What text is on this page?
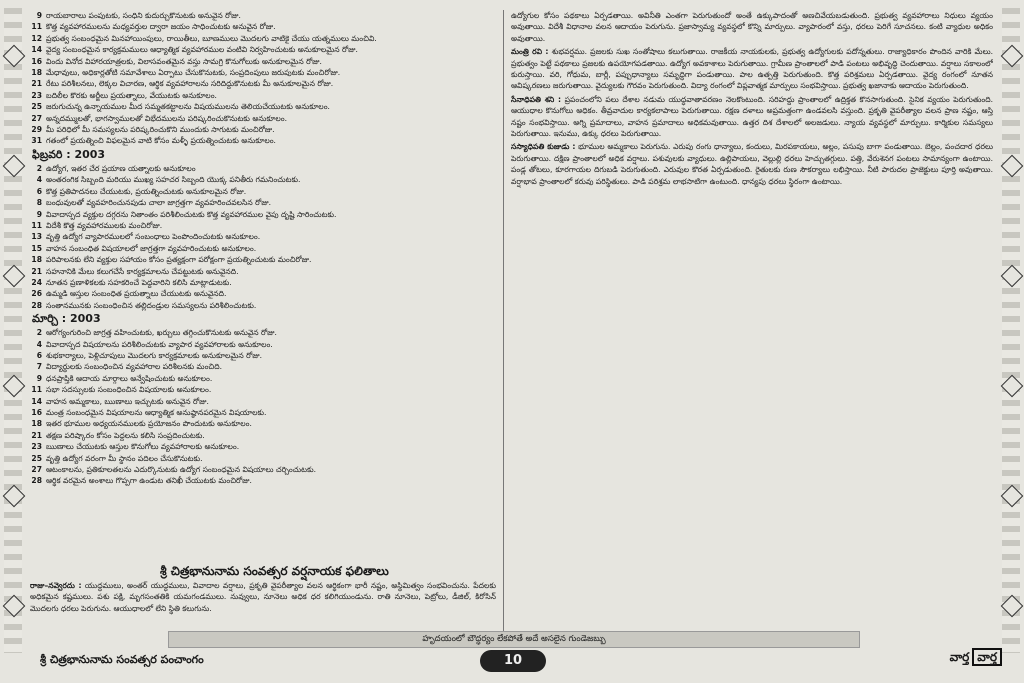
9 రాయబారాలు పంపుటకు, సంధిని కుదుర్చుకొనుటకు అనువైన రోజు.
11 కొత్త వ్యవహారములను మధ్యవర్తుల ద్వారా జయం సాధించుటకు అనువైన రోజు.
12 ప్రభుత్వ సంబంధమైన మినహాయింపులు, రాయితీలు, బూణములు మొదలగు వాటికై చేయు యత్నములు మంచివి.
14 వైద్య సంబంధమైన కార్యక్రమములు ఆధ్యాత్మిక వ్యవహారముల వంటివి నిర్వహించుటకు అనుకూలమైన రోజు.
16 విందు వినోద విహారయాత్రలకు, విలాసవంతమైన వస్తు సామగ్రి కొనుగోలుకు అనుకూలమైన రోజు.
18 మేధావులు, అధికార్లతోటి సమావేశాలు ఏర్పాటు చేసుకొనుటకు, సంప్రదింపులు జరుపుటకు మంచిరోజు.
21 రేటు పరిశీలనలు, లెక్కల విచారణ, ఆర్థిక వ్యవహారాలను సరిదిద్దుకొనుటకు మీ అనుకూలమైన రోజు.
23 బదిలీల కొరకు అర్జీలు ప్రయత్నాలు, వేయుటకు అనుకూలం.
25 జరుగుచున్న ఉన్నాయముల మీద సమ్మతకట్టాలను విషయములను తెలియచేయుటకు అనుకూలం.
27 అన్నదమ్ములతో, భాగస్వాములతో విభేదములను పరిష్కరించుకొనుటకు అనుకూలం.
29 మీ పరిధిలో మీ సమస్యలను పరిష్కరించుకొని ముందుకు సాగుటకు మంచిరోజు.
31 గతంలో ప్రయత్నించి విఫలమైన వాటి కోసం మళ్ళీ ప్రయత్నించుటకు అనుకూలం.
ఫిబ్రవరి : 2003
2 ఉద్యోగ, ఇతర చేర ప్రయాణ యత్నాలకు అనుకూలం
4 అంతరంగిక సిబ్బంది మరియు ముఖ్య సహచర సిబ్బంది యొక్క పనితీరు గమనించుటకు.
6 కొత్త ప్రతిపాదనలు చేయుటకు, ప్రయత్నించుటకు అనుకూలమైన రోజు.
8 బంధువులతో వ్యవహరించునపుడు చాలా జాగ్రత్తగా వ్యవహరించవలసిన రోజు.
9 వివాదాస్పద వ్యక్తుల దగ్గరను నితాంతం పరిశీలించుటకు కొత్త వ్యవహారముల వైపు దృష్టి సారించుటకు.
11 విదేశీ కొత్త వ్యవహారములకు మంచిరోజు.
13 వృత్తి ఉద్యోగ వ్యాపారములలో సంబంధాలు పెంపొందించుటకు అనుకూలం.
15 వాహన సంబంధిత విషయాలలో జాగ్రత్తగా వ్యవహరించుటకు అనుకూలం.
18 పరిపాలనకు లేని వ్యక్తుల సహాయం కోసం ప్రత్యక్షంగా పరోక్షంగా ప్రయత్నించుటకు మంచిరోజు.
21 సహనానికి మేలు కలుగచేసే కార్యక్రమాలను చేపట్టుటకు అనువైనది.
24 నూతన ప్రణాళికలకు సహకరించే పెద్దవారిని కలిసి మాట్లాడుటకు.
26 ఉమ్మడి ఆస్తుల సంబంధిత ప్రయత్నాలు చేయుటకు అనువైనది.
28 సంతానమునకు సంబంధించిన తల్లిదండ్రుల సమస్యలను పరిశీలించుటకు.
మార్చి : 2003
2 ఆరోగ్యంగురించి జాగ్రత్త వహించుటకు, ఖర్చులు తగ్గించుకొనుటకు అనువైన రోజు.
4 వివాదాస్పద విషయాలను పరిశీలించుటకు వ్యాపార వ్యవహారాలకు అనుకూలం.
6 శుభకార్యాలు, పెళ్లిచూపులు మొదలగు కార్యక్రమాలకు అనుకూలమైన రోజు.
7 విద్యార్థులకు సంబంధించిన వ్యవహారాల పరిశీలనకు మంచిది.
9 ధనప్రాప్తికి ఆదాయ మార్గాలు అన్వేషించుటకు అనుకూలం.
11 సభా సదస్సులకు సంబంధించిన విషయాలకు అనుకూలం.
14 వాహన అమ్మకాలు, ఋణాలు ఇచ్చుటకు అనువైన రోజు.
16 మంత్ర సంబంధమైన విషయాలను ఆధ్యాత్మిక అనుష్ఠానపరమైన విషయాలకు.
18 ఇతర భూముల అధ్యయనములకు ప్రయోజనం పొందుటకు అనుకూలం.
21 తక్షణ పరిష్కారం కోసం పెద్దలను కలిసి సంప్రదించుటకు.
23 ఋణాలు చేయుటకు ఆస్తుల కొనుగోలు వ్యవహారాలకు అనుకూలం.
25 వృత్తి ఉద్యోగ వరంగా మీ స్థానం పదిలం చేసుకొనుటకు.
27 ఆటంకాలను, ప్రతికూలతలను ఎదుర్కొనుటకు ఉద్యోగ సంబంధమైన విషయాలు చర్చించుటకు.
28 ఆర్థిక వరమైన అంశాలు గొప్పగా ఉండుట తనిఖీ చేయుటకు మంచిరోజు.
శ్రీ చిత్రభానునామ సంవత్సర వర్షనాయక ఫలితాలు
రాజు–నవ్వెరదు : యుద్ధములు, అంతర్ యుద్ధములు, వివాదాల వర్షాలు, ప్రకృతి వైపరీత్యాల వలన ఆర్థికంగా భారీ నష్టం, అస్థిమిత్వం సంభవించును. పేదలకు అధికమైన కష్టములు. పశు పక్షి, మృగసంతతికి యమగండములు. నువ్వులు, నూనెలు అధిక ధర కలిగియుండును. రాతి నూనెలు, పెట్రోలు, డీజిల్, కిరోసిన్ మొదలగు ధరలు పెరుగును. ఆయుధాలలో లేని స్థితి కలుగును.
ఉద్యోగుల కోసం పథకాలు ఏర్పడతాయి. అవినీతి ఎంతగా పెరుగుతుందో అంతే ఉక్కుపాదంతో అణచివేయబడుతుంది. ప్రభుత్వ వ్యవహారాలు నిధులు వ్యయం అవుతాయి. విదేశీ విధానాల వలన ఆదాయం పెరుగును. ప్రజాస్వామ్య వ్యవస్థలో కొన్ని మార్పులు. వ్యాపారంలో వస్తు, ధరలు పెరిగే సూచనలు. కంటి వ్యాధుల అధికం అవుతాయి.
మంత్రి రవి : శుభవర్షము. ప్రజలకు సుఖ సంతోషాలు కలుగుతాయి. రాజకీయ నాయకులకు, ప్రభుత్వ ఉద్యోగులకు పదోన్నతులు. రాజ్యాధికారం పొందిన వారికి మేలు. ప్రభుత్వం పెట్టే పథకాలు ప్రజలకు ఉపయోగపడతాయి. ఉద్యోగ అవకాశాలు పెరుగుతాయి. గ్రామీణ ప్రాంతాలలో పాడి పంటలు అభివృద్ధి చెందుతాయి. వర్షాలు సకాలంలో కురుస్తాయి. వరి, గోధుమ, బార్లీ, పప్పుధాన్యాలు సమృద్ధిగా పండుతాయి. పాల ఉత్పత్తి పెరుగుతుంది. కొత్త పరిశ్రమలు ఏర్పడతాయి. వైద్య రంగంలో నూతన ఆవిష్కరణలు జరుగుతాయి. వైద్యులకు గౌరవం పెరుగుతుంది. విద్యా రంగంలో విప్లవాత్మక మార్పులు సంభవిస్తాయి. ప్రభుత్వ ఖజానాకు ఆదాయం పెరుగుతుంది.
సేనాధిపతి శని : ప్రపంచంలోని పలు దేశాల నడుమ యుద్ధవాతావరణం నెలకొంటుంది. సరిహద్దు ప్రాంతాలలో ఉద్రిక్తత కొనసాగుతుంది. సైనిక వ్యయం పెరుగుతుంది. ఆయుధాల కొనుగోలు అధికం. తీవ్రవాదుల కార్యకలాపాలు పెరుగుతాయి. రక్షణ దళాలు అప్రమత్తంగా ఉండవలసి వస్తుంది. ప్రకృతి వైపరీత్యాల వలన ప్రాణ నష్టం, ఆస్తి నష్టం సంభవిస్తాయి. అగ్ని ప్రమాదాలు, వాహన ప్రమాదాలు అధికమవుతాయి. ఉత్తర దిశ దేశాలలో అలజడులు. న్యాయ వ్యవస్థలో మార్పులు. కార్మికుల సమస్యలు పెరుగుతాయి. ఇనుము, ఉక్కు ధరలు పెరుగుతాయి.
సస్యాధిపతి కుజుడు : భూముల అమ్మకాలు పెరుగును. ఎరుపు రంగు ధాన్యాలు, కందులు, మిరపకాయలు, అల్లం, పసుపు బాగా పండుతాయి. బెల్లం, పంచదార ధరలు పెరుగుతాయి. దక్షిణ ప్రాంతాలలో అధిక వర్షాలు. పశువులకు వ్యాధులు. ఉల్లిపాయలు, వెల్లుల్లి ధరలు హెచ్చుతగ్గులు. పత్తి, వేరుశెనగ పంటలు సామాన్యంగా ఉంటాయి. పండ్ల తోటలు, కూరగాయల దిగుబడి పెరుగుతుంది. ఎరువుల కొరత ఏర్పడుతుంది. రైతులకు రుణ సౌకర్యాలు లభిస్తాయి. నీటి పారుదల ప్రాజెక్టులు పూర్తి అవుతాయి. వర్షాభావ ప్రాంతాలలో కరువు పరిస్థితులు. పాడి పరిశ్రమ లాభసాటిగా ఉంటుంది. ధాన్యపు ధరలు స్థిరంగా ఉంటాయి.
హృదయంలో బౌద్ధర్యం లేకపోతే అదే అసలైన గుండెజబ్బు
శ్రీ చిత్రభానునామ సంవత్సర పంచాంగం	10	వార్త వార్త
